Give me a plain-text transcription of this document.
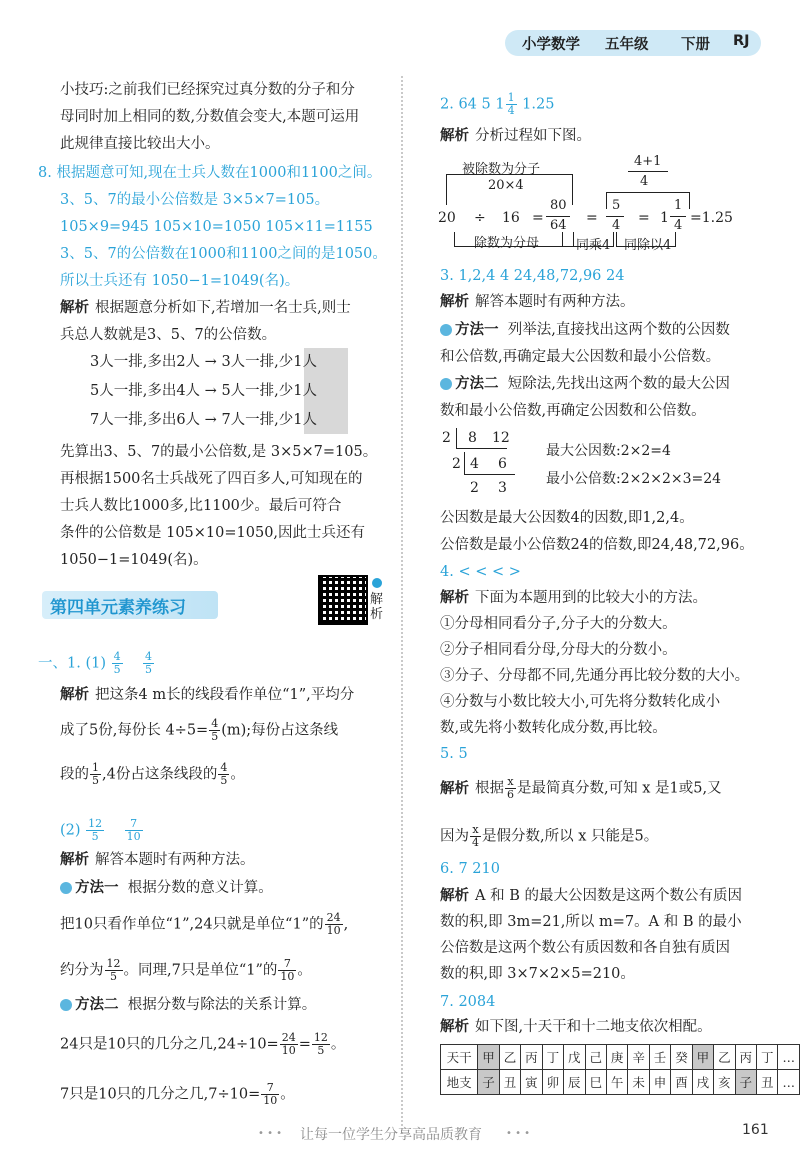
小学数学 五年级 下册 RJ
小技巧:之前我们已经探究过真分数的分子和分
母同时加上相同的数,分数值会变大,本题可运用
此规律直接比较出大小。
8. 根据题意可知,现在士兵人数在1000和1100之间。
3、5、7的最小公倍数是 3×5×7=105。
105×9=945 105×10=1050 105×11=1155
3、5、7的公倍数在1000和1100之间的是1050。
所以士兵还有 1050−1=1049(名)。
解析 根据题意分析如下,若增加一名士兵,则士
兵总人数就是3、5、7的公倍数。
3人一排,多出2人 → 3人一排,少1人
5人一排,多出4人 → 5人一排,少1人
7人一排,多出6人 → 7人一排,少1人
先算出3、5、7的最小公倍数,是 3×5×7=105。
再根据1500名士兵战死了四百多人,可知现在的
士兵人数比1000多,比1100少。最后可符合
条件的公倍数是 105×10=1050,因此士兵还有
1050−1=1049(名)。
第四单元素养练习	解析
一、1. $(1) \frac{4}{5}$
$\frac{4}{5}$
解析 把这条4 m长的线段看作单位“1”,平均分
成了5份,每份长 $4\div 5= \frac{4}{5} (m)$;每份占这条线
段的 $\frac{1}{5} ,4$份占这条线段的 $\frac{4}{5}$ 。
$(2) \frac{12}{5}$
$\frac{7}{10}$
解析 解答本题时有两种方法。
方法一 根据分数的意义计算。
把10只看作单位“1”,24只就是单位“1”的 $\frac{24}{10}$ ,
约分为 $\frac{12}{5}$ 。同理,7只是单位“1”的 $\frac{7}{10}$ 。
方法二 根据分数与除法的关系计算。
24只是10只的几分之几$,24\div 10= \frac{24}{10} = \frac{12}{5}$ 。
7只是10只的几分之几$,7\div 10= \frac{7}{10}$ 。
2. 64 5 $1 \frac{1}{4} 1.25$
解析 分析过程如下图。
被除数为分子
20×4
4+1
4
20 ÷ 16 =
80
64 =
5
4 = 1
1
4 =1.25
除数为分母	同乘4 同除以4
3. 1,2,4 4 24,48,72,96 24
解析 解答本题时有两种方法。
方法一 列举法,直接找出这两个数的公因数
和公倍数,再确定最大公因数和最小公倍数。
方法二 短除法,先找出这两个数的最大公因
数和最小公倍数,再确定公因数和公倍数。
2 8 12
2 4 6
2 3
最大公因数:2×2=4
最小公倍数:2×2×2×3=24
公因数是最大公因数4的因数,即1,2,4。
公倍数是最小公倍数24的倍数,即24,48,72,96。
4. < < < >
解析 下面为本题用到的比较大小的方法。
①分母相同看分子,分子大的分数大。
②分子相同看分母,分母大的分数小。
③分子、分母都不同,先通分再比较分数的大小。
④分数与小数比较大小,可先将分数转化成小
数,或先将小数转化成分数,再比较。
5. 5
解析 根据 $\frac{x}{6}$ 是最简真分数,可知 x 是1或5,又
因为 $\frac{x}{4}$ 是假分数,所以 x 只能是5。
6. 7 210
解析 A 和 B 的最大公因数是这两个数公有质因
数的积,即 3m=21,所以 m=7。A 和 B 的最小
公倍数是这两个数公有质因数和各自独有质因
数的积,即 3×7×2×5=210。
7. 2084
解析 如下图,十天干和十二地支依次相配。
天干	甲	乙	丙	丁	戊	己	庚	辛	壬	癸	甲	乙	丙	丁	…
地支	子	丑	寅	卯	辰	巳	午	未	申	酉	戌	亥	子	丑	…
• • • 让每一位学生分享高品质教育 • • •	161
